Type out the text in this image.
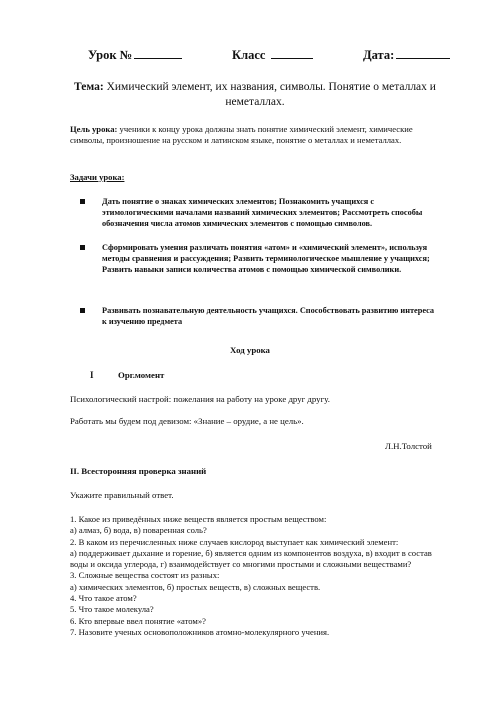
Урок №	Класс	Дата:
Тема: Химический элемент, их названия, символы. Понятие о металлах и неметаллах.
Цель урока: ученики к концу урока должны знать понятие химический элемент, химические символы, произношение на русском и латинском языке, понятие о металлах и неметаллах.
Задачи урока:
Дать понятие о знаках химических элементов; Познакомить учащихся с этимологическими началами названий химических элементов; Рассмотреть способы обозначения числа атомов химических элементов с помощью символов.
Сформировать умения различать понятия «атом» и «химический элемент», используя методы сравнения и рассуждения; Развить терминологическое мышление у учащихся; Развить навыки записи количества атомов с помощью химической символики.
Развивать познавательную деятельность учащихся. Способствовать развитию интереса к изучению предмета
Ход урока
I	Орг.момент
Психологический настрой: пожелания на работу на уроке друг другу.
Работать мы будем под девизом: «Знание – орудие, а не цель».
Л.Н.Толстой
II. Всесторонняя проверка знаний
Укажите правильный ответ.
1. Какое из приведённых ниже веществ является простым веществом:
а) алмаз, б) вода, в) поваренная соль?
2. В каком из перечисленных ниже случаев кислород выступает как химический элемент:
а) поддерживает дыхание и горение, б) является одним из компонентов воздуха, в) входит в состав воды и оксида углерода, г) взаимодействует со многими простыми и сложными веществами?
3. Сложные вещества состоят из разных:
а) химических элементов, б) простых веществ, в) сложных веществ.
4. Что такое атом?
5. Что такое молекула?
6. Кто впервые ввел понятие «атом»?
7. Назовите ученых основоположников атомно-молекулярного учения.
